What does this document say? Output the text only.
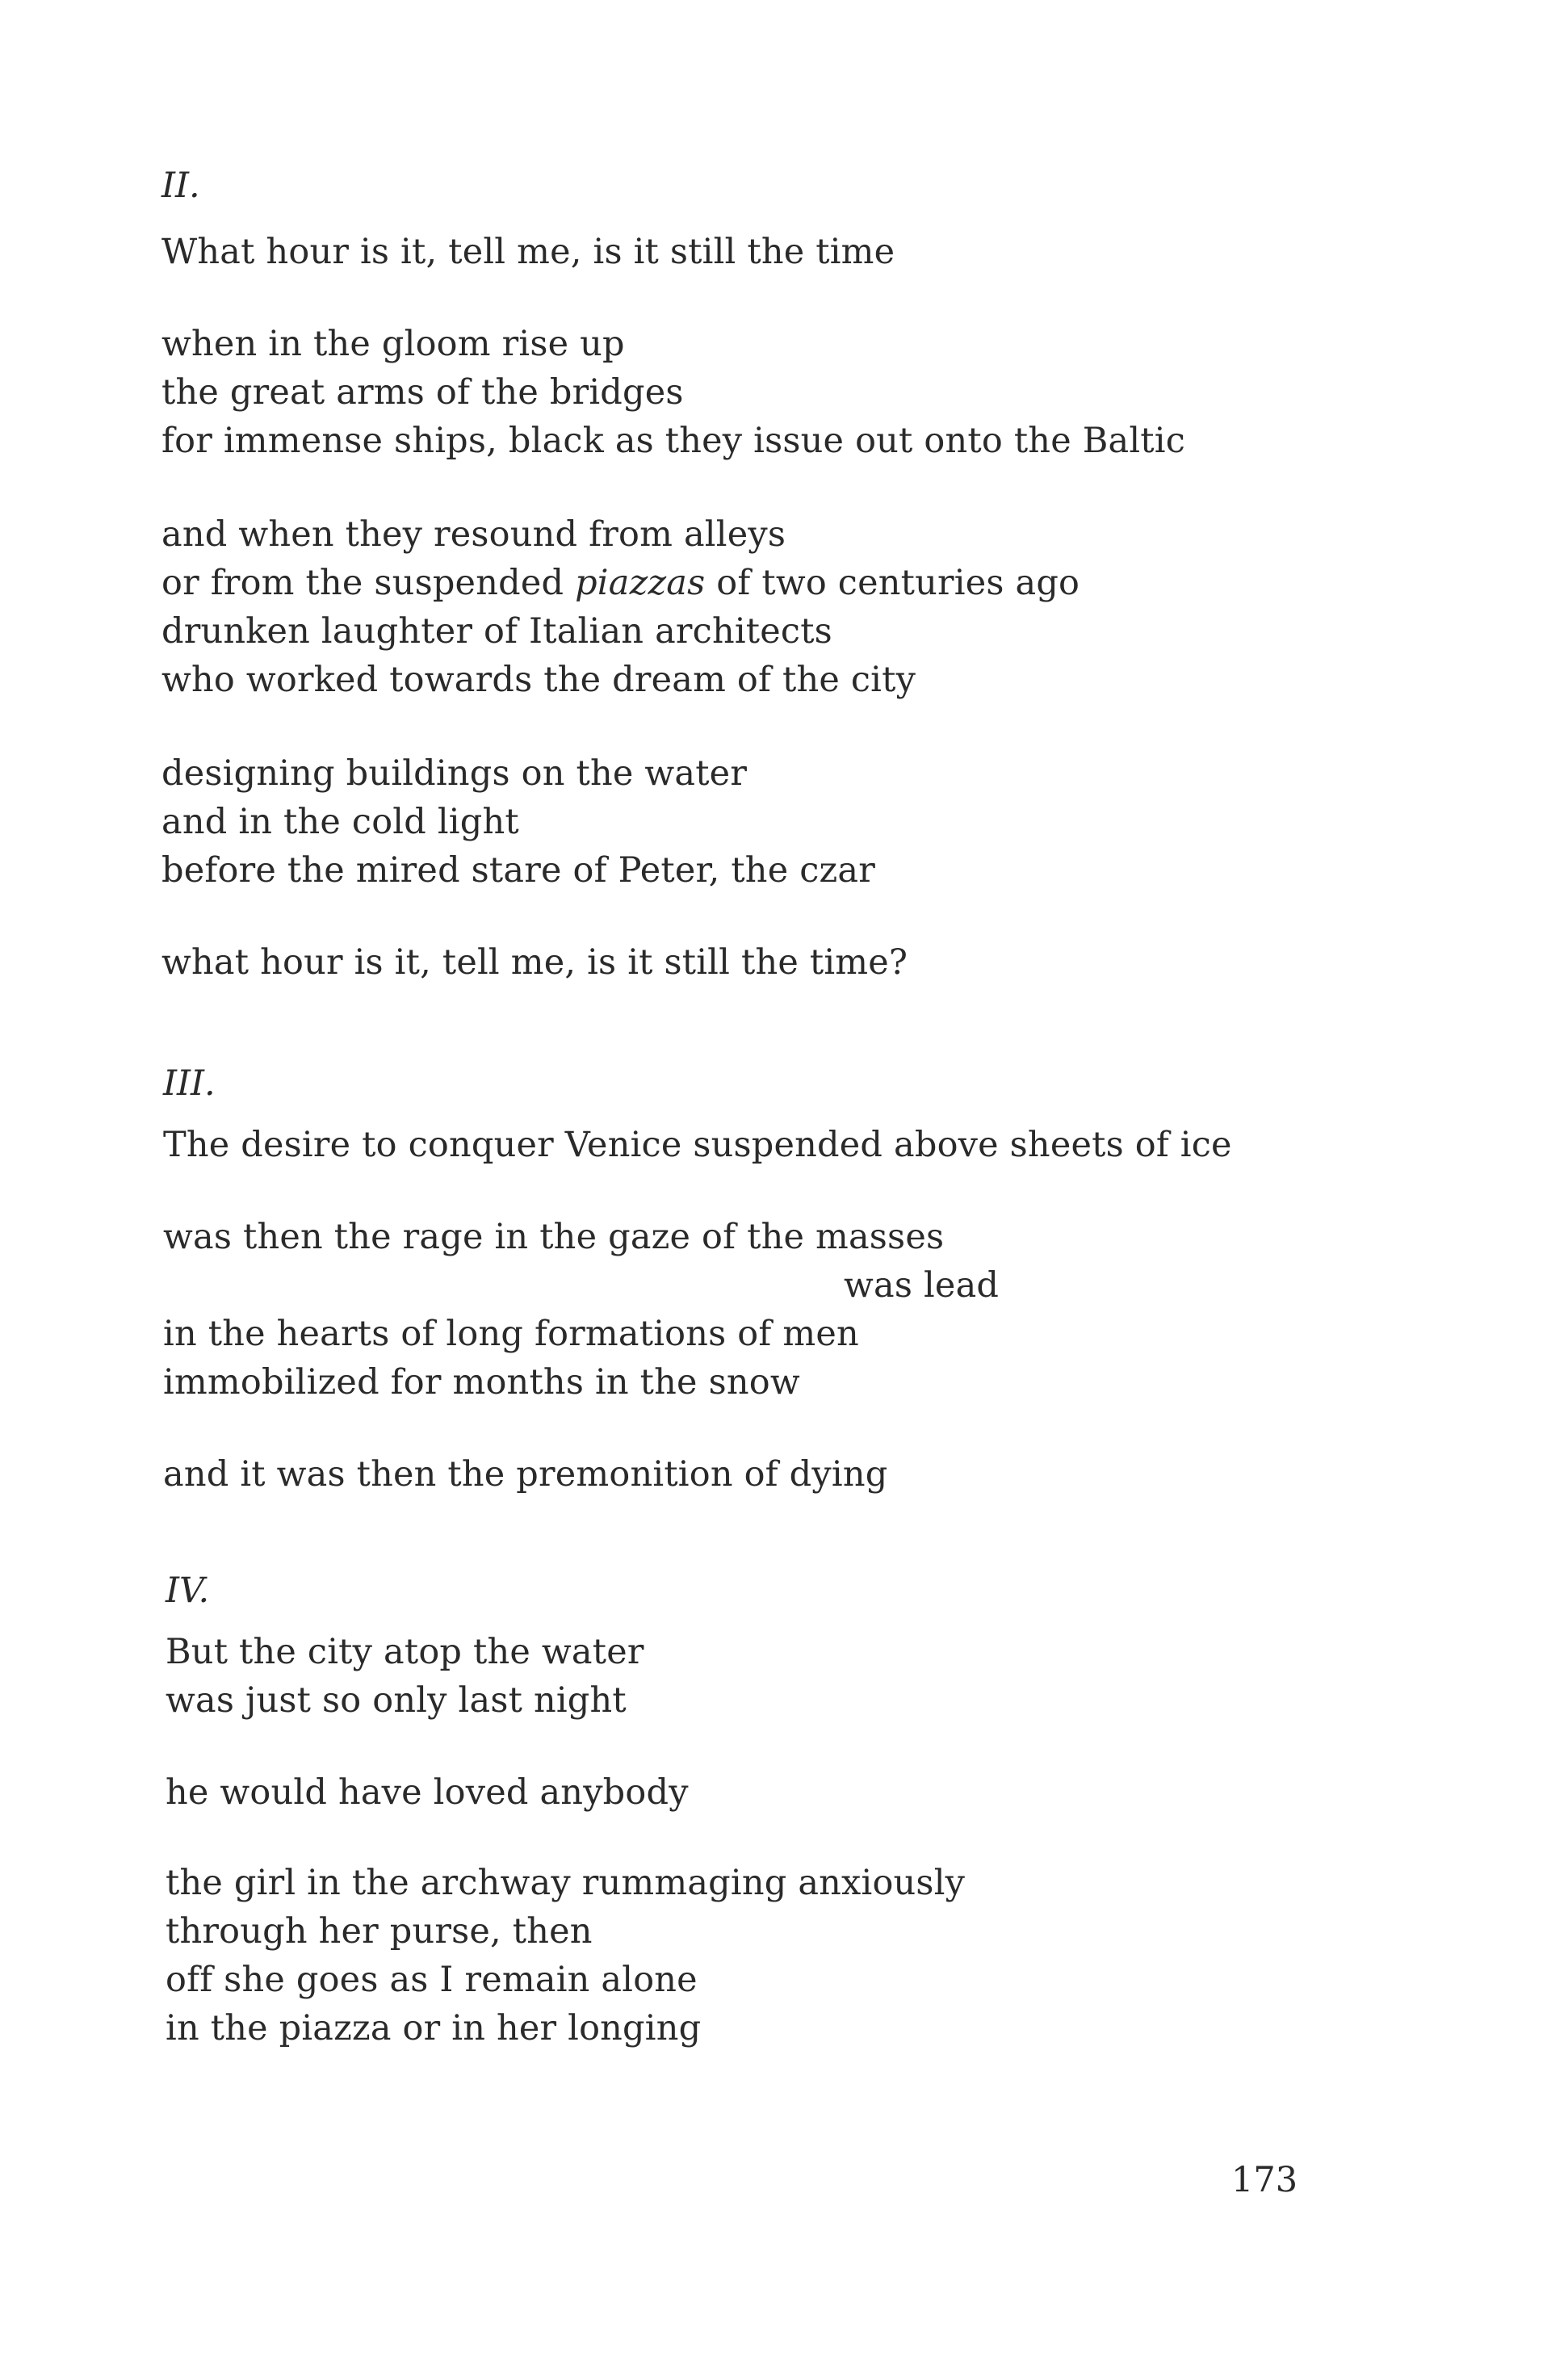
II.
What hour is it, tell me, is it still the time
when in the gloom rise up
the great arms of the bridges
for immense ships, black as they issue out onto the Baltic
and when they resound from alleys
or from the suspended piazzas of two centuries ago
drunken laughter of Italian architects
who worked towards the dream of the city
designing buildings on the water
and in the cold light
before the mired stare of Peter, the czar
what hour is it, tell me, is it still the time?
III.
The desire to conquer Venice suspended above sheets of ice
was then the rage in the gaze of the masses
was lead
in the hearts of long formations of men
immobilized for months in the snow
and it was then the premonition of dying
IV.
But the city atop the water
was just so only last night
he would have loved anybody
the girl in the archway rummaging anxiously
through her purse, then
off she goes as I remain alone
in the piazza or in her longing
173
